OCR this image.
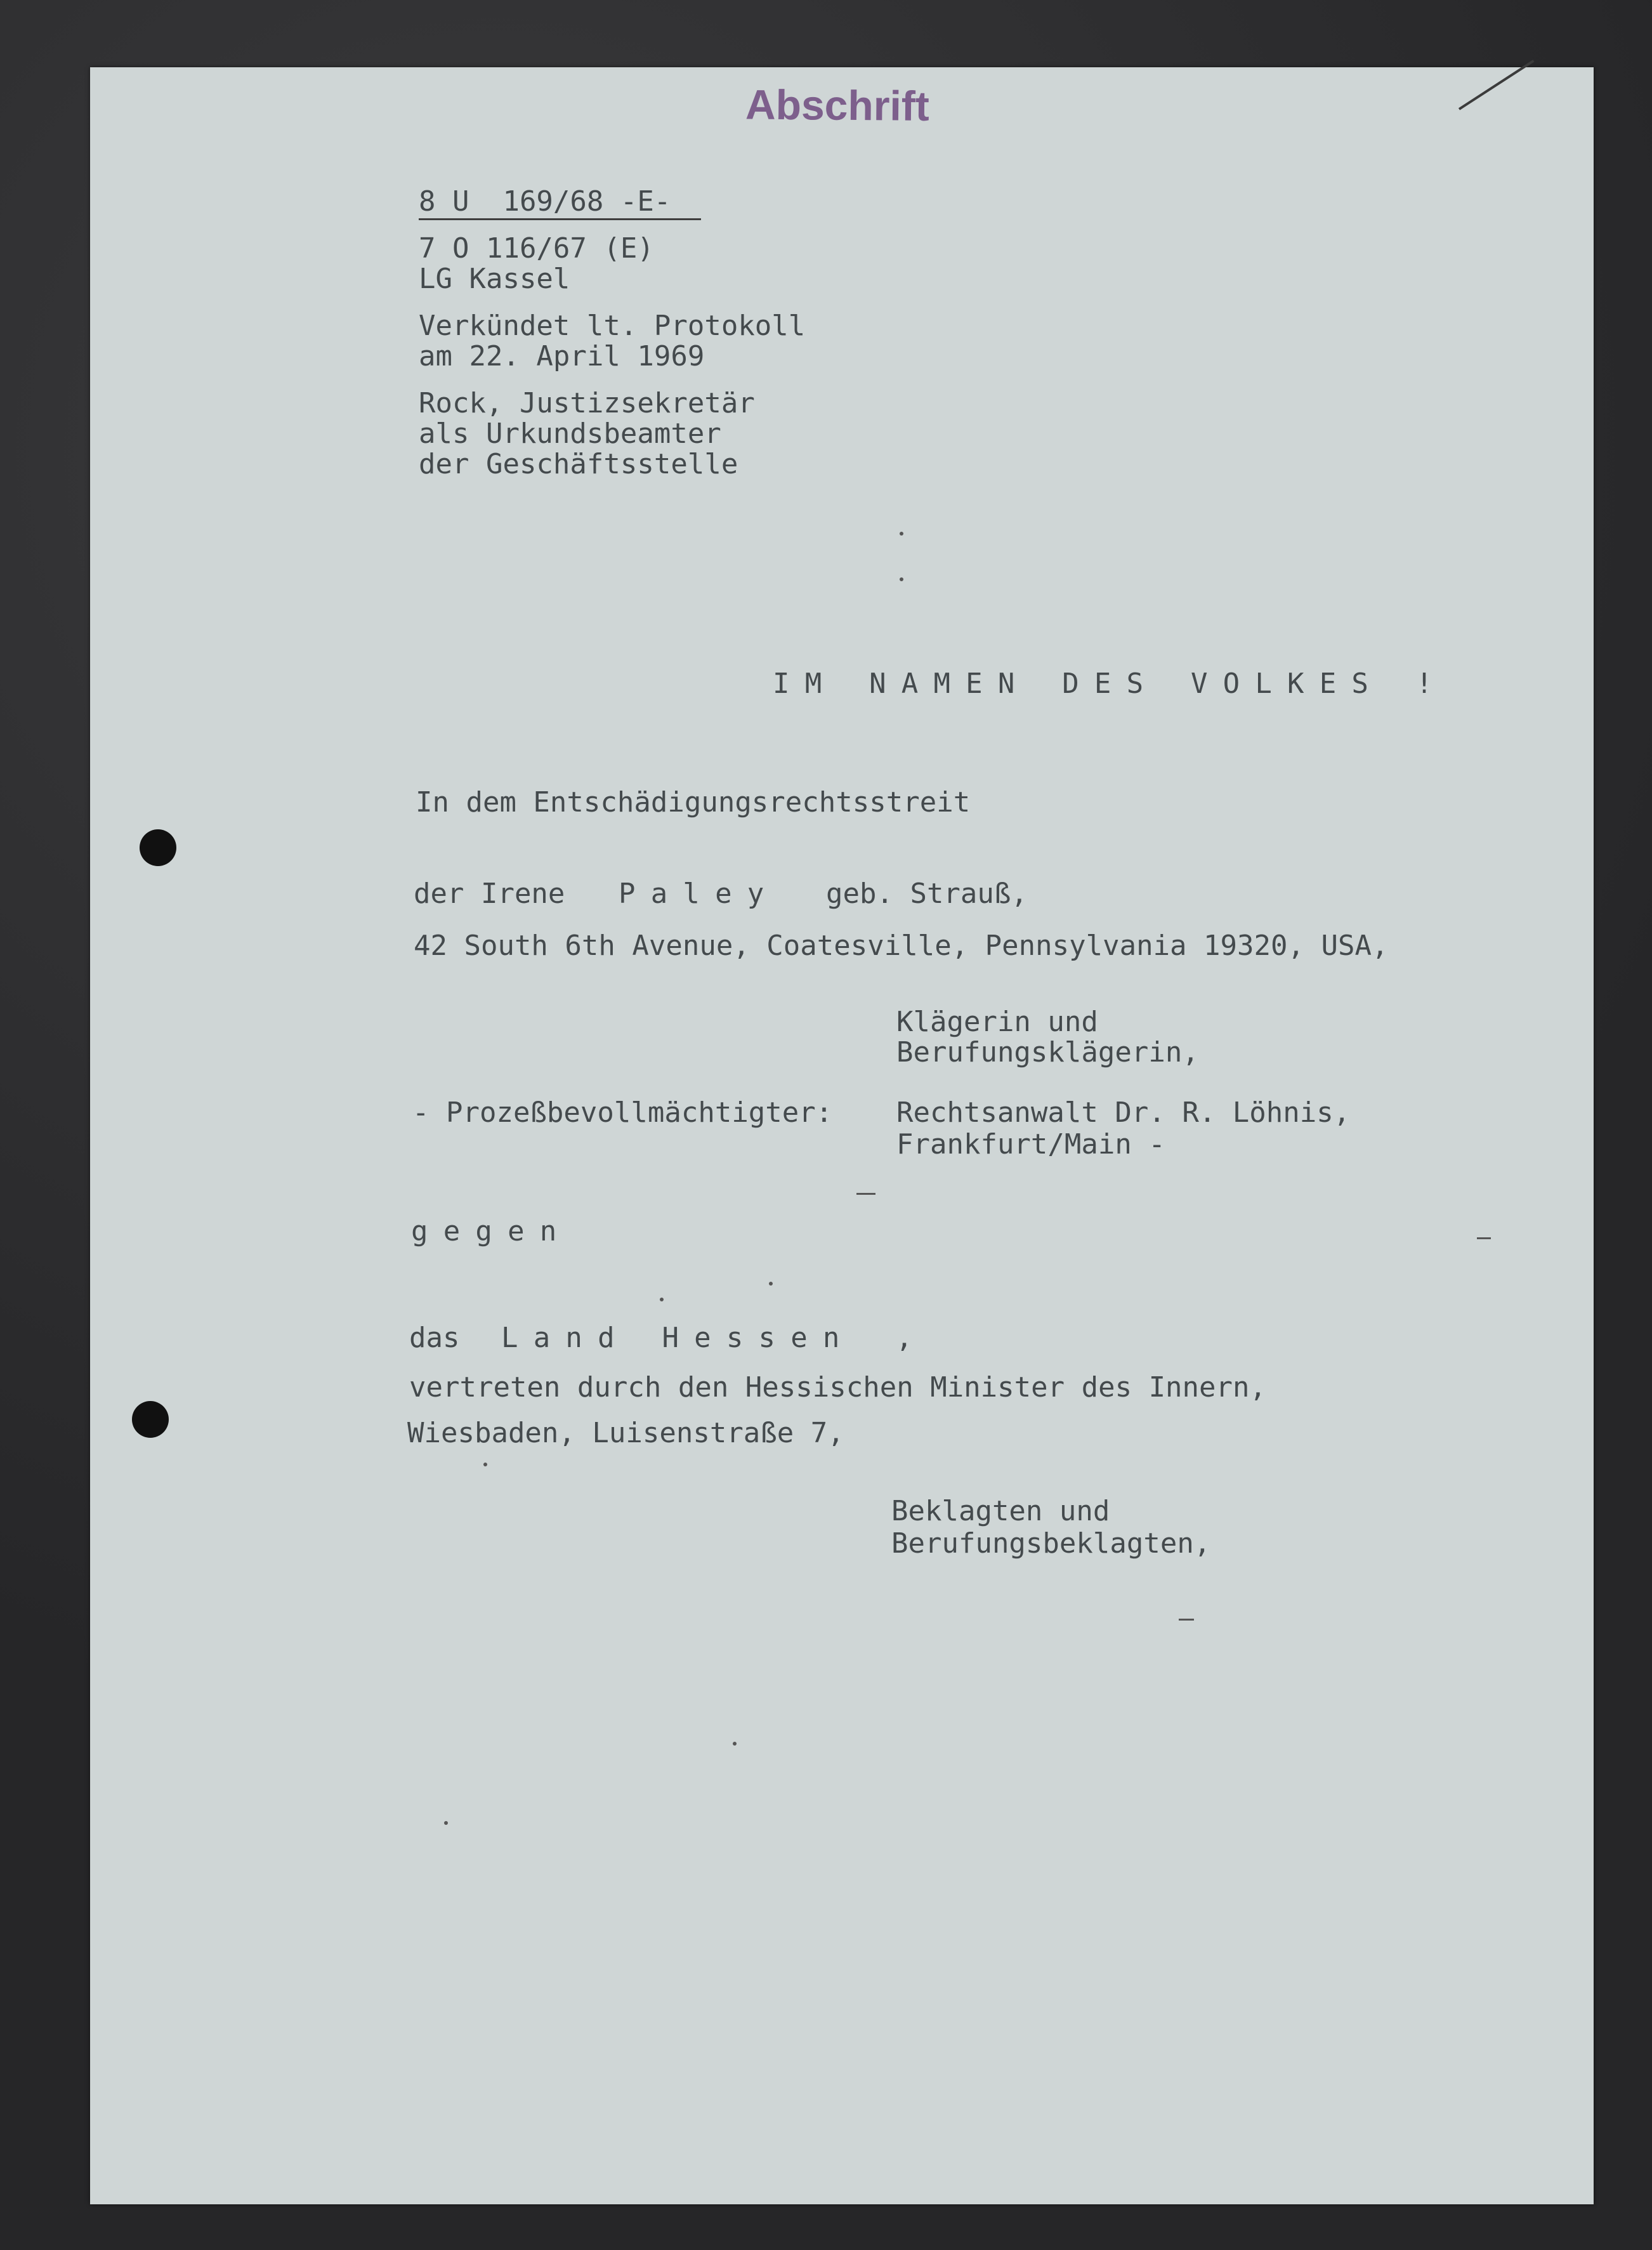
Abschrift
8 U  169/68 -E-
7 O 116/67 (E)
LG Kassel
Verkündet lt. Protokoll
am 22. April 1969
Rock, Justizsekretär
als Urkundsbeamter
der Geschäftsstelle
IM NAMEN DES VOLKES !
In dem Entschädigungsrechtsstreit
der Irene Paley geb. Strauß,
42 South 6th Avenue, Coatesville, Pennsylvania 19320, USA,
Klägerin und
Berufungsklägerin,
- Prozeßbevollmächtigter: Rechtsanwalt Dr. R. Löhnis,
Frankfurt/Main -
gegen
das Land Hessen ,
vertreten durch den Hessischen Minister des Innern,
Wiesbaden, Luisenstraße 7,
Beklagten und
Berufungsbeklagten,
